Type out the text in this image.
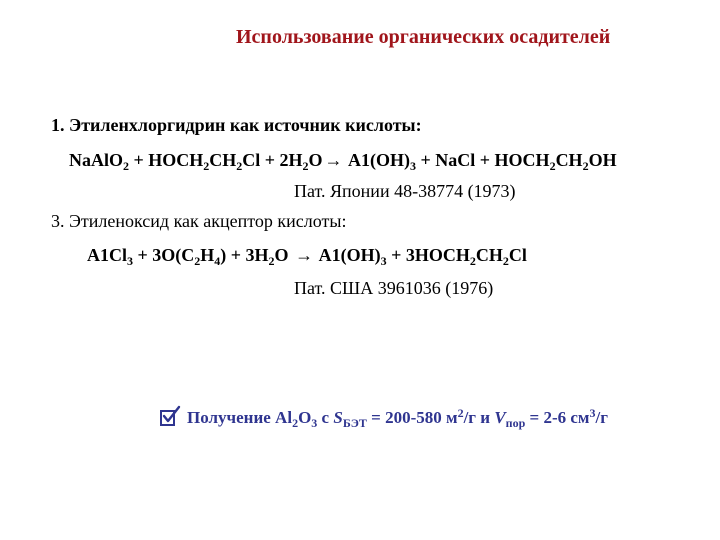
Использование органических осадителей
1. Этиленхлоргидрин как источник кислоты:
NaAlO$_2$ + $HOCH_2CH_2Cl + 2H_2O \to A1(OH)_3$ + NaCl + $HOCH_2CH_2OH$
Пат. Японии 48-38774 (1973)
3. Этиленоксид как акцептор кислоты:
$A1Cl_3 + 3O(C_2H_4) + 3H_2O \to A1(OH)_3$ + $3HOCH_2CH_2Cl$
Пат. США 3961036 (1976)
Получение $Al_2O_3$ с $S_{БЭТ} = 200-580$ $м^2/г$ и $V_{пор} = 2-6$ $см^3/г$
